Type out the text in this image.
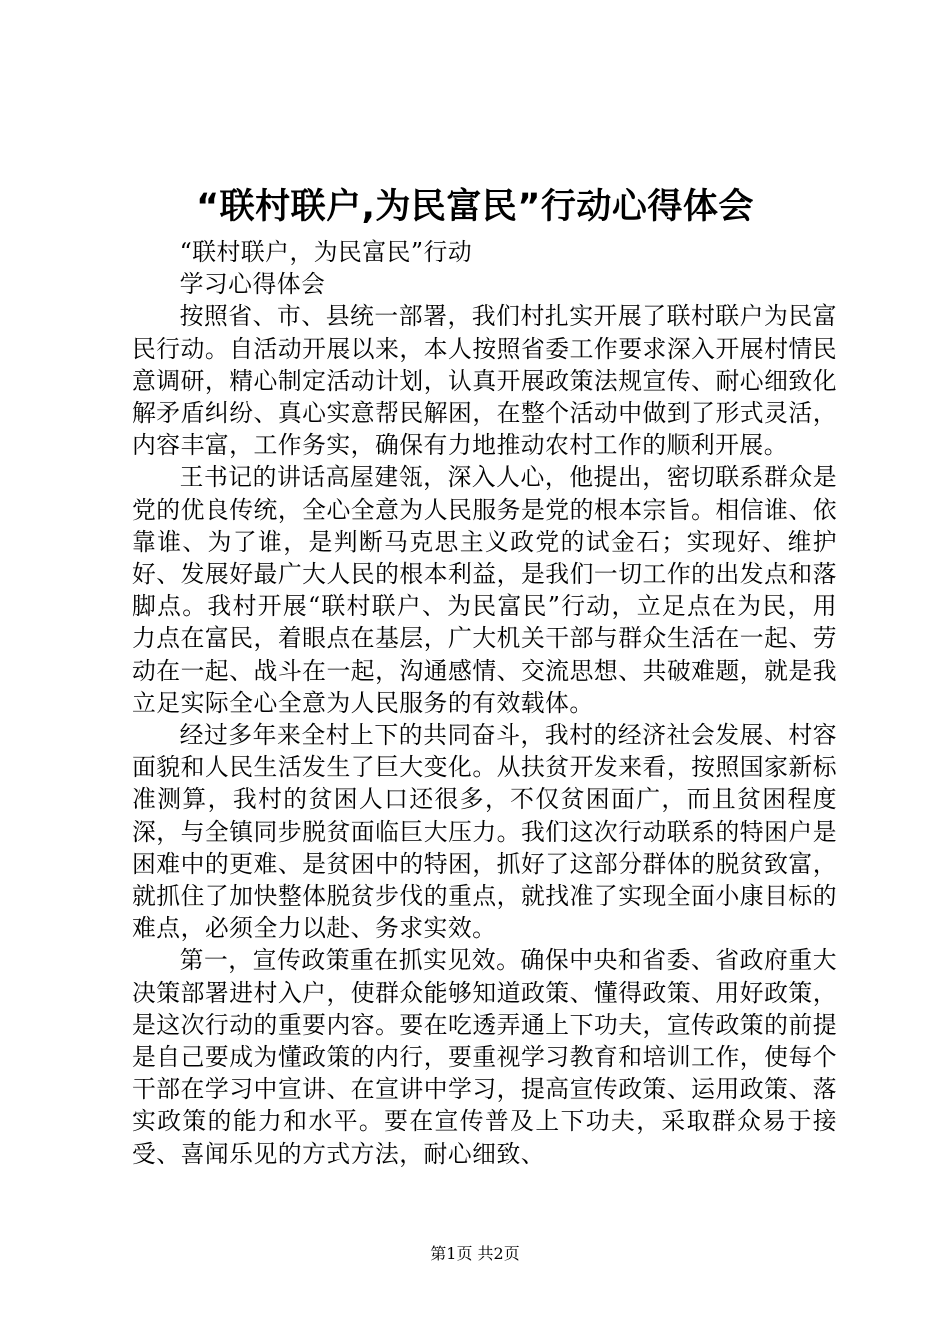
“联村联户,为民富民”行动心得体会

“联村联户，为民富民”行动

学习心得体会

按照省、市、县统一部署，我们村扎实开展了联村联户为民富民行动。自活动开展以来，本人按照省委工作要求深入开展村情民意调研，精心制定活动计划，认真开展政策法规宣传、耐心细致化解矛盾纠纷、真心实意帮民解困，在整个活动中做到了形式灵活，内容丰富，工作务实，确保有力地推动农村工作的顺利开展。

王书记的讲话高屋建瓴，深入人心，他提出，密切联系群众是党的优良传统，全心全意为人民服务是党的根本宗旨。相信谁、依靠谁、为了谁，是判断马克思主义政党的试金石；实现好、维护好、发展好最广大人民的根本利益，是我们一切工作的出发点和落脚点。我村开展“联村联户、为民富民”行动，立足点在为民，用力点在富民，着眼点在基层，广大机关干部与群众生活在一起、劳动在一起、战斗在一起，沟通感情、交流思想、共破难题，就是我立足实际全心全意为人民服务的有效载体。

经过多年来全村上下的共同奋斗，我村的经济社会发展、村容面貌和人民生活发生了巨大变化。从扶贫开发来看，按照国家新标准测算，我村的贫困人口还很多，不仅贫困面广，而且贫困程度深，与全镇同步脱贫面临巨大压力。我们这次行动联系的特困户是困难中的更难、是贫困中的特困，抓好了这部分群体的脱贫致富，就抓住了加快整体脱贫步伐的重点，就找准了实现全面小康目标的难点，必须全力以赴、务求实效。

第一，宣传政策重在抓实见效。确保中央和省委、省政府重大决策部署进村入户，使群众能够知道政策、懂得政策、用好政策，是这次行动的重要内容。要在吃透弄通上下功夫，宣传政策的前提是自己要成为懂政策的内行，要重视学习教育和培训工作，使每个干部在学习中宣讲、在宣讲中学习，提高宣传政策、运用政策、落实政策的能力和水平。要在宣传普及上下功夫，采取群众易于接受、喜闻乐见的方式方法，耐心细致、

第1页 共2页
